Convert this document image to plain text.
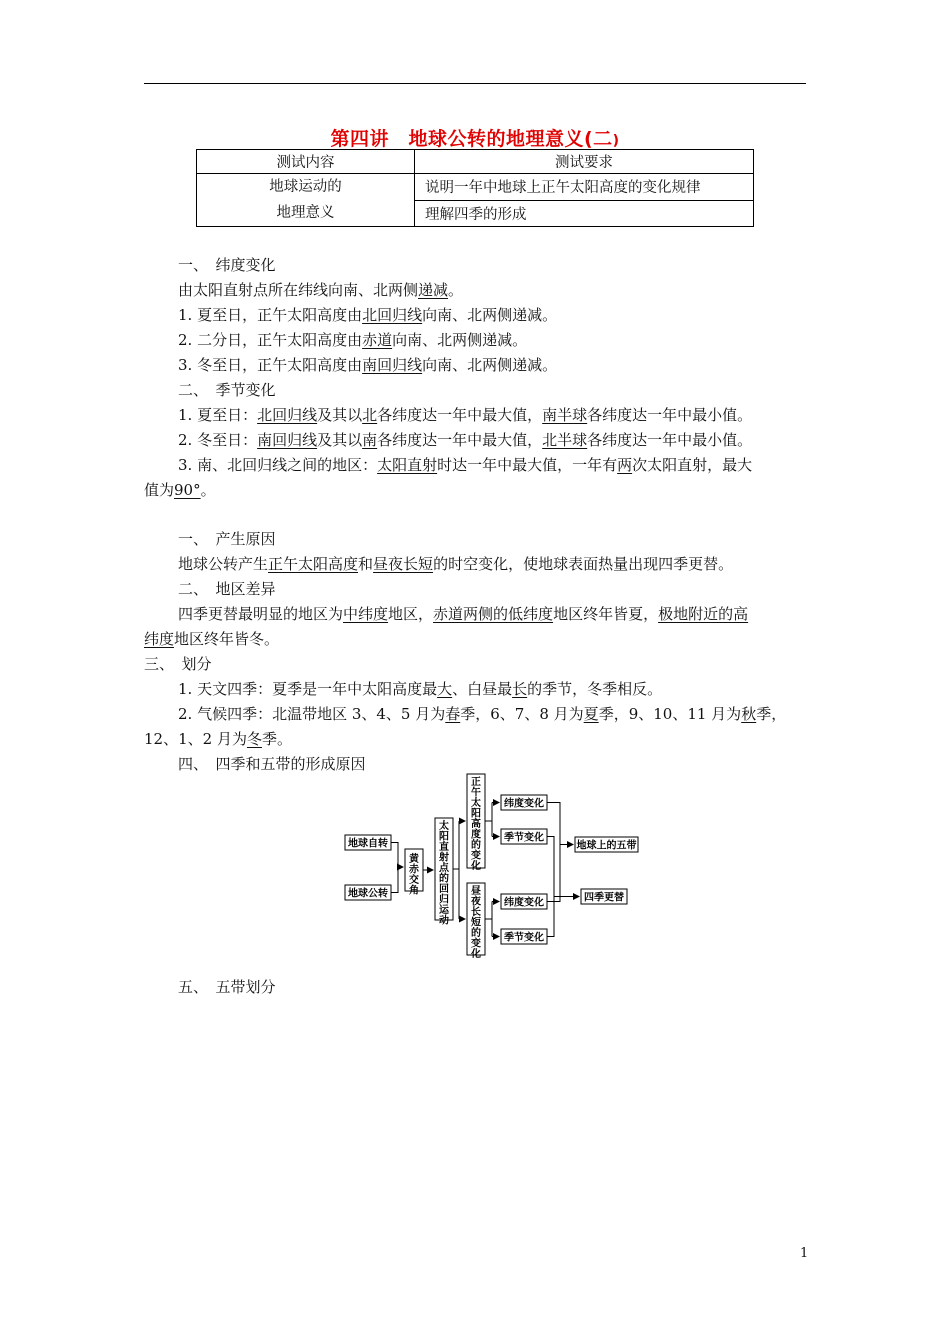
第四讲　地球公转的地理意义(二)
测试内容	测试要求
地球运动的
地理意义	说明一年中地球上正午太阳高度的变化规律
	理解四季的形成
一、　纬度变化
由太阳直射点所在纬线向南、北两侧递减。
1. 夏至日，正午太阳高度由北回归线向南、北两侧递减。
2. 二分日，正午太阳高度由赤道向南、北两侧递减。
3. 冬至日，正午太阳高度由南回归线向南、北两侧递减。
二、　季节变化
1. 夏至日：北回归线及其以北各纬度达一年中最大值，南半球各纬度达一年中最小值。
2. 冬至日：南回归线及其以南各纬度达一年中最大值，北半球各纬度达一年中最小值。
3. 南、北回归线之间的地区：太阳直射时达一年中最大值，一年有两次太阳直射，最大
值为90°。
一、　产生原因
地球公转产生正午太阳高度和昼夜长短的时空变化，使地球表面热量出现四季更替。
二、　地区差异
四季更替最明显的地区为中纬度地区，赤道两侧的低纬度地区终年皆夏，极地附近的高
纬度地区终年皆冬。
三、　划分
1. 天文四季：夏季是一年中太阳高度最大、白昼最长的季节，冬季相反。
2. 气候四季：北温带地区 3、4、5 月为春季，6、7、8 月为夏季，9、10、11 月为秋季，
12、1、2 月为冬季。
四、　四季和五带的形成原因
地球自转
地球公转
纬度变化
季节变化
纬度变化
季节变化
地球上的五带
四季更替
黄
赤
交
角
太
阳
直
射
点
的
回
归
运
动
正
午
太
阳
高
度
的
变
化
昼
夜
长
短
的
变
化
五、　五带划分
1
